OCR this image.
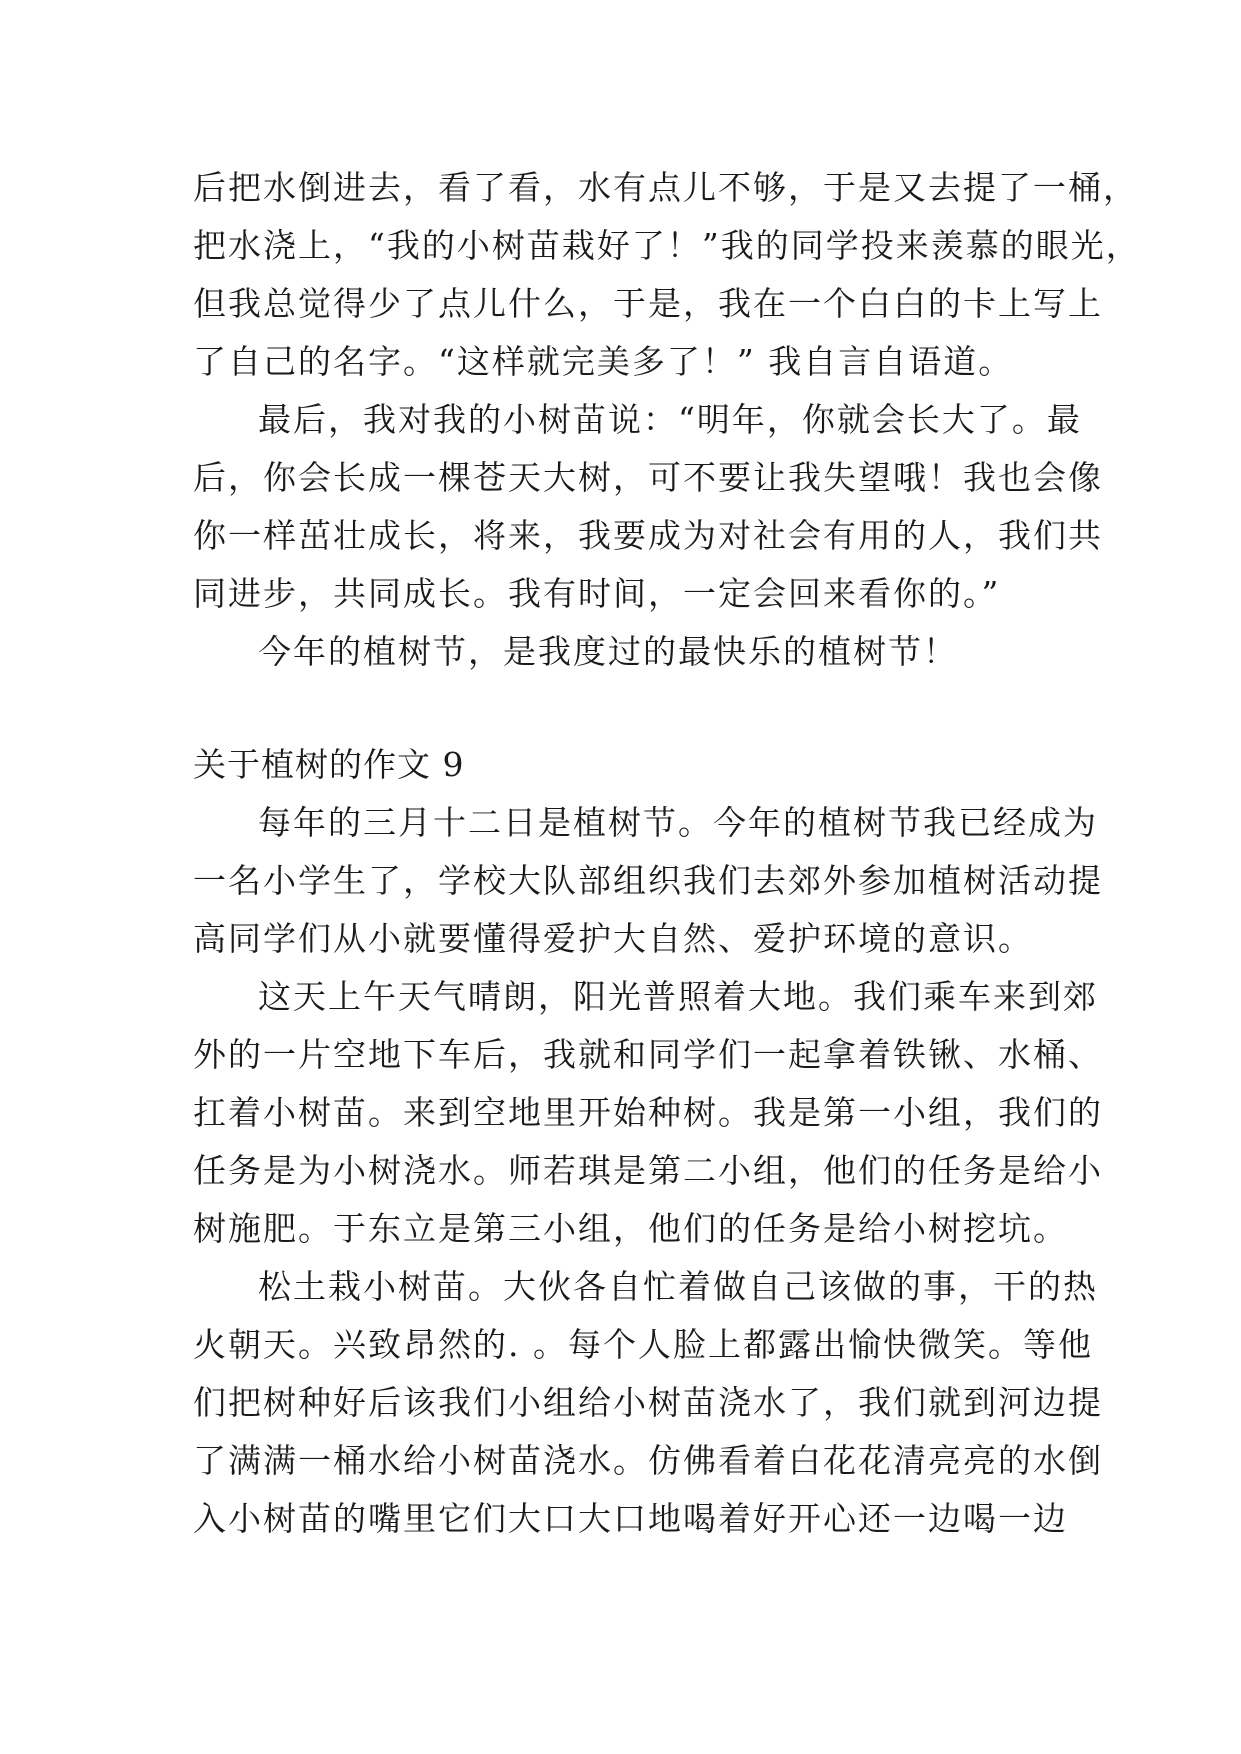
后把水倒进去，看了看，水有点儿不够，于是又去提了一桶，
把水浇上，“我的小树苗栽好了！”我的同学投来羡慕的眼光，
但我总觉得少了点儿什么，于是，我在一个白白的卡上写上
了自己的名字。“这样就完美多了！” 我自言自语道。
最后，我对我的小树苗说：“明年，你就会长大了。最
后，你会长成一棵苍天大树，可不要让我失望哦！我也会像
你一样茁壮成长，将来，我要成为对社会有用的人，我们共
同进步，共同成长。我有时间，一定会回来看你的。”
今年的植树节，是我度过的最快乐的植树节！
关于植树的作文 9
每年的三月十二日是植树节。今年的植树节我已经成为
一名小学生了，学校大队部组织我们去郊外参加植树活动提
高同学们从小就要懂得爱护大自然、爱护环境的意识。
这天上午天气晴朗，阳光普照着大地。我们乘车来到郊
外的一片空地下车后，我就和同学们一起拿着铁锹、水桶、
扛着小树苗。来到空地里开始种树。我是第一小组，我们的
任务是为小树浇水。师若琪是第二小组，他们的任务是给小
树施肥。于东立是第三小组，他们的任务是给小树挖坑。
松土栽小树苗。大伙各自忙着做自己该做的事，干的热
火朝天。兴致昂然的. 。每个人脸上都露出愉快微笑。等他
们把树种好后该我们小组给小树苗浇水了，我们就到河边提
了满满一桶水给小树苗浇水。仿佛看着白花花清亮亮的水倒
入小树苗的嘴里它们大口大口地喝着好开心还一边喝一边
